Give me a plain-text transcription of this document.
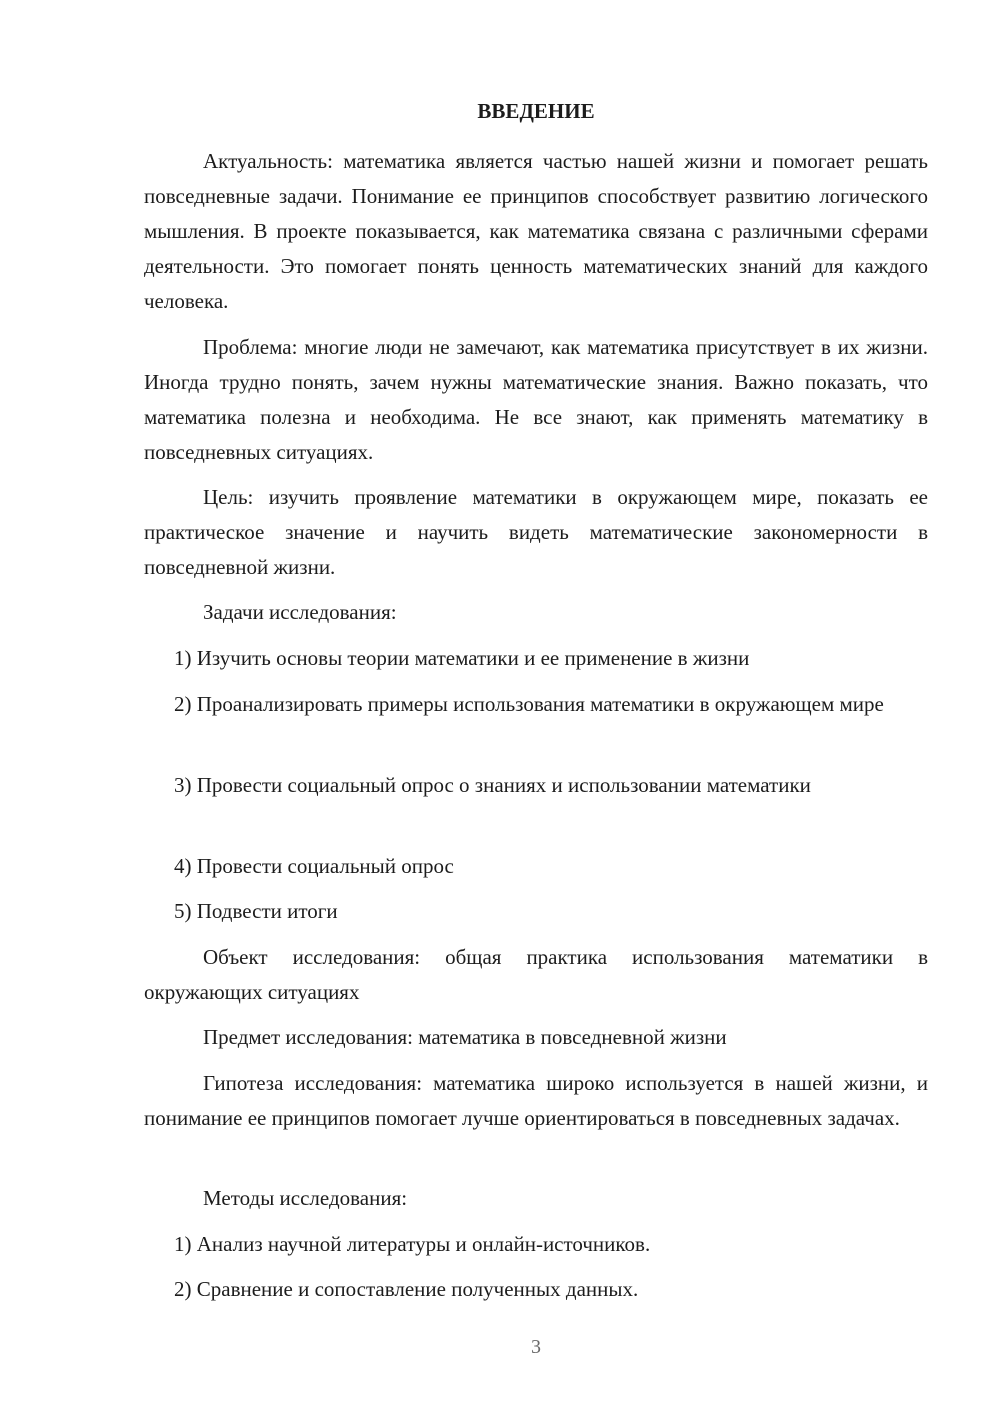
ВВЕДЕНИЕ

Актуальность: математика является частью нашей жизни и помогает решать повседневные задачи. Понимание ее принципов способствует развитию логического мышления. В проекте показывается, как математика связана с различными сферами деятельности. Это помогает понять ценность математических знаний для каждого человека.

Проблема: многие люди не замечают, как математика присутствует в их жизни. Иногда трудно понять, зачем нужны математические знания. Важно показать, что математика полезна и необходима. Не все знают, как применять математику в повседневных ситуациях.

Цель: изучить проявление математики в окружающем мире, показать ее практическое значение и научить видеть математические закономерности в повседневной жизни.

Задачи исследования:

1) Изучить основы теории математики и ее применение в жизни

2) Проанализировать примеры использования математики в окружающем мире

3) Провести социальный опрос о знаниях и использовании математики

4) Провести социальный опрос

5) Подвести итоги

Объект исследования: общая практика использования математики в окружающих ситуациях

Предмет исследования: математика в повседневной жизни

Гипотеза исследования: математика широко используется в нашей жизни, и понимание ее принципов помогает лучше ориентироваться в повседневных задачах.

Методы исследования:

1) Анализ научной литературы и онлайн-источников.

2) Сравнение и сопоставление полученных данных.

3
